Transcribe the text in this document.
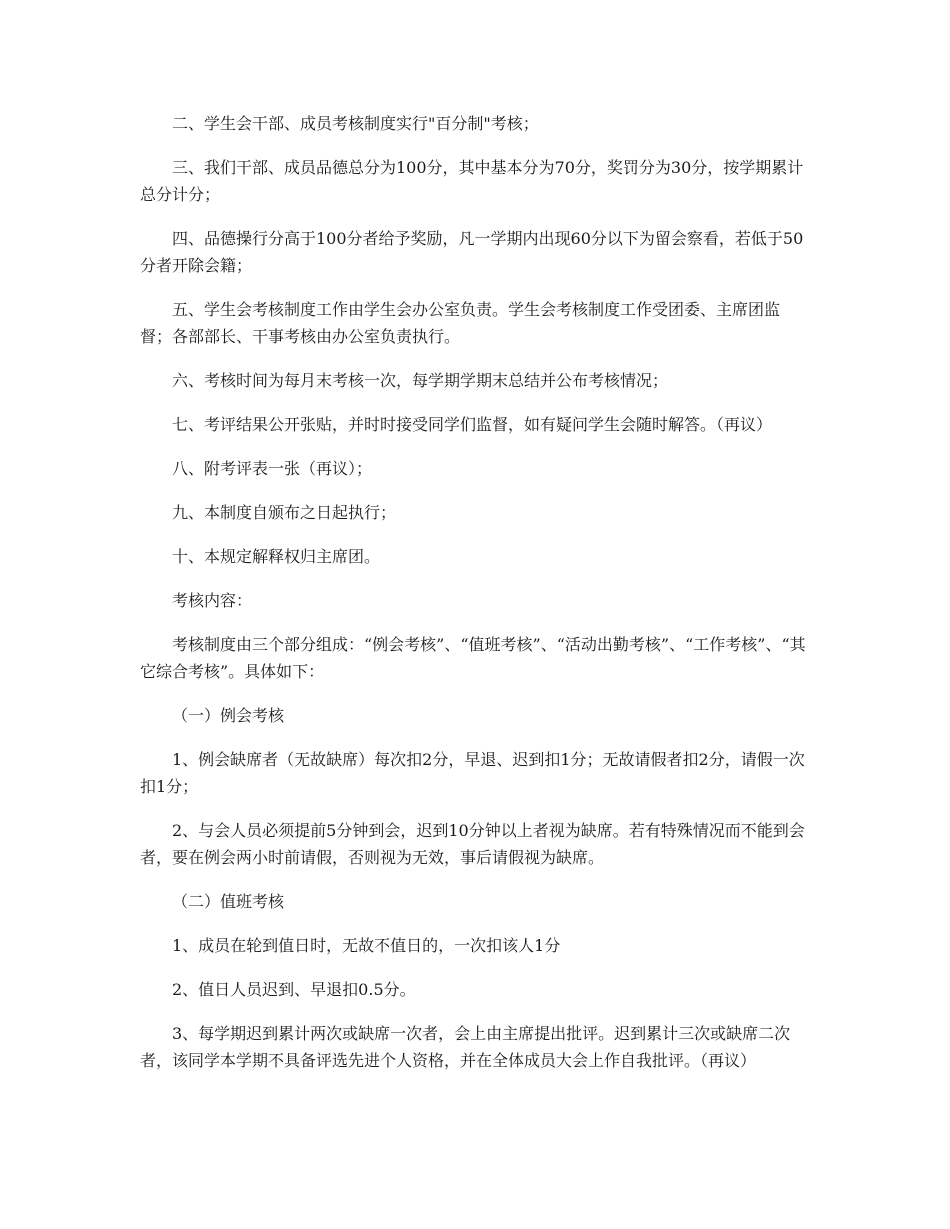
二、学生会干部、成员考核制度实行"百分制"考核；

三、我们干部、成员品德总分为100分，其中基本分为70分，奖罚分为30分，按学期累计总分计分；

四、品德操行分高于100分者给予奖励，凡一学期内出现60分以下为留会察看，若低于50分者开除会籍；

五、学生会考核制度工作由学生会办公室负责。学生会考核制度工作受团委、主席团监督；各部部长、干事考核由办公室负责执行。

六、考核时间为每月末考核一次，每学期学期末总结并公布考核情况；

七、考评结果公开张贴，并时时接受同学们监督，如有疑问学生会随时解答。（再议）

八、附考评表一张（再议）；

九、本制度自颁布之日起执行；

十、本规定解释权归主席团。

考核内容：

考核制度由三个部分组成：“例会考核”、“值班考核”、“活动出勤考核”、“工作考核”、“其它综合考核”。具体如下：

（一）例会考核

1、例会缺席者（无故缺席）每次扣2分，早退、迟到扣1分；无故请假者扣2分，请假一次扣1分；

2、与会人员必须提前5分钟到会，迟到10分钟以上者视为缺席。若有特殊情况而不能到会者，要在例会两小时前请假，否则视为无效，事后请假视为缺席。

（二）值班考核

1、成员在轮到值日时，无故不值日的，一次扣该人1分

2、值日人员迟到、早退扣0.5分。

3、每学期迟到累计两次或缺席一次者，会上由主席提出批评。迟到累计三次或缺席二次者，该同学本学期不具备评选先进个人资格，并在全体成员大会上作自我批评。（再议）
